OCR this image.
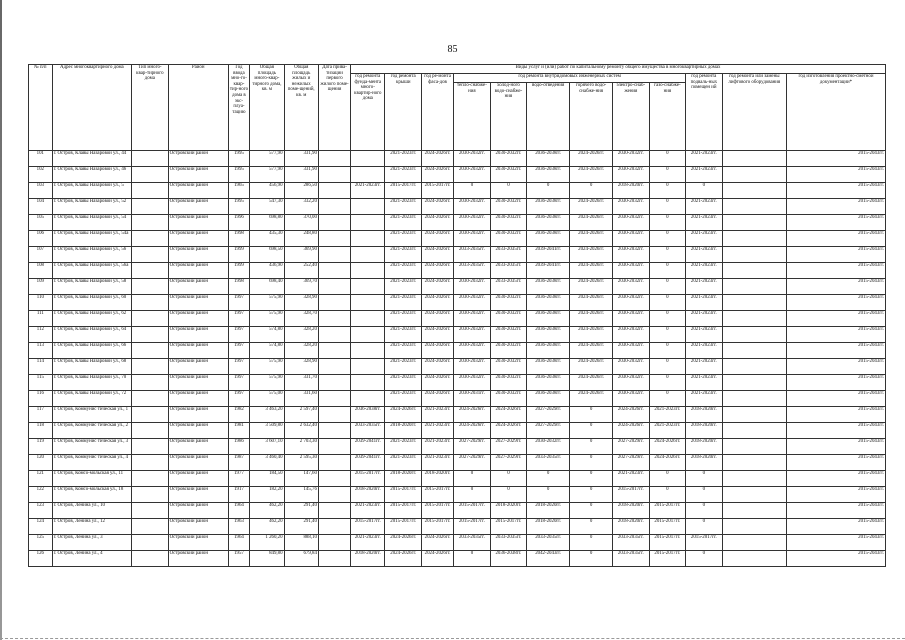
85
№ п/п	Адрес многоквартирного дома	Тип много-квар-тирного дома	Район	Год ввода мно-го-квар-тир-ного дома в экс-плуа-тацию	Общая площадь много-квар-тирного дома, кв. м	Общая площадь жилых и нежилых поме-щений, кв. м	Дата прива-тизации первого жилого поме-щения	Виды услуг и (или) работ по капитальному ремонту общего имущества в многоквартирных домах											
								год ремонта фунда-мента много-квартир-ного дома	год ремонта крыши	год ре-монта фаса-дов	год ремонта внутридомовых инженерных систем						год ремонта подваль-ных помещен ий	год ремонта или замены лифтового оборудования	год изготовления проектно-сметной документации*
											тепло-снабже-ния	холод-ного водо-снабже-ния	водо-отведения	горячего водо-снабже-ния	электро-снаб-жения	газо-снабже-ния			
101	г. Остров, Клавы Назаровой ул., 44		Островский район	1995	577,90	331,90			2021-2023гг.	2024-2026гг.	2030-2032гг.	2030-2032гг.	2036-2038гг.	2024-2026гг.	2030-2032гг.	0	2021-2023гг.		2015-2043гг.
102	г. Остров, Клавы Назаровой ул., 46		Островский район	1995	577,90	331,90			2021-2023гг.	2024-2026гг.	2030-2032гг.	2030-2032гг.	2036-2038гг.	2024-2026гг.	2030-2032гг.	0	2021-2023гг.		2015-2043гг.
103	г. Остров, Клавы Назаровой ул., 5		Островский район	1965	456,90	286,50		2021-2023гг.	2015-2017гг.	2015-2017гг.	0	0	0	0	2018-2020гг.	0	0		2015-2043гг.
104	г. Остров, Клавы Назаровой ул., 52		Островский район	1995	547,30	332,20			2021-2023гг.	2024-2026гг.	2030-2032гг.	2030-2032гг.	2036-2038гг.	2024-2026гг.	2030-2032гг.	0	2021-2023гг.		2015-2043гг.
105	г. Остров, Клавы Назаровой ул., 54		Островский район	1996	698,80	370,00			2021-2023гг.	2024-2026гг.	2030-2032гг.	2030-2032гг.	2036-2038гг.	2024-2026гг.	2030-2032гг.	0	2021-2023гг.		2015-2043гг.
106	г. Остров, Клавы Назаровой ул., 54а		Островский район	1998	435,30	248,80			2021-2023гг.	2024-2026гг.	2030-2032гг.	2030-2032гг.	2036-2038гг.	2024-2026гг.	2030-2032гг.	0	2021-2023гг.		2015-2043гг.
107	г. Остров, Клавы Назаровой ул., 56		Островский район	1999	698,50	369,90			2021-2023гг.	2024-2026гг.	2033-2035гг.	2033-2035гг.	2039-2041гг.	2024-2026гг.	2030-2032гг.	0	2021-2023гг.		2015-2043гг.
108	г. Остров, Клавы Назаровой ул., 56а		Островский район	1999	436,90	252,40			2021-2023гг.	2024-2026гг.	2033-2035гг.	2033-2035гг.	2039-2041гг.	2024-2026гг.	2030-2032гг.	0	2021-2023гг.		2015-2043гг.
109	г. Остров, Клавы Назаровой ул., 58		Островский район	1998	698,40	369,70			2021-2023гг.	2024-2026гг.	2030-2032гг.	2033-2035гг.	2036-2038гг.	2024-2026гг.	2030-2032гг.	0	2021-2023гг.		2015-2043гг.
110	г. Остров, Клавы Назаровой ул., 60		Островский район	1997	575,90	328,90			2021-2023гг.	2024-2026гг.	2030-2032гг.	2030-2032гг.	2036-2038гг.	2024-2026гг.	2030-2032гг.	0	2021-2023гг.		2015-2043гг.
111	г. Остров, Клавы Назаровой ул., 62		Островский район	1997	575,90	328,70			2021-2023гг.	2024-2026гг.	2030-2032гг.	2030-2032гг.	2036-2038гг.	2024-2026гг.	2030-2032гг.	0	2021-2023гг.		2015-2043гг.
112	г. Остров, Клавы Назаровой ул., 64		Островский район	1997	574,80	328,20			2021-2023гг.	2024-2026гг.	2030-2032гг.	2030-2032гг.	2036-2038гг.	2024-2026гг.	2030-2032гг.	0	2021-2023гг.		2015-2043гг.
113	г. Остров, Клавы Назаровой ул., 66		Островский район	1997	574,80	328,20			2021-2023гг.	2024-2026гг.	2030-2032гг.	2030-2032гг.	2036-2038гг.	2024-2026гг.	2030-2032гг.	0	2021-2023гг.		2015-2043гг.
114	г. Остров, Клавы Назаровой ул., 68		Островский район	1997	575,90	328,90			2021-2023гг.	2024-2026гг.	2030-2032гг.	2030-2032гг.	2036-2038гг.	2024-2026гг.	2030-2032гг.	0	2021-2023гг.		2015-2043гг.
115	г. Остров, Клавы Назаровой ул., 70		Островский район	1997	575,90	331,70			2021-2023гг.	2024-2026гг.	2030-2032гг.	2030-2032гг.	2036-2038гг.	2024-2026гг.	2030-2032гг.	0	2021-2023гг.		2015-2043гг.
116	г. Остров, Клавы Назаровой ул., 72		Островский район	1997	575,00	331,60			2021-2023гг.	2024-2026гг.	2030-2031гг.	2030-2032гг.	2036-2038гг.	2024-2026гг.	2030-2032гг.	0	2021-2023гг.		2015-2043гг.
117	г. Остров, Коммунис тическая ул., 1		Островский район	1982	3 463,20	2 597,40		2036-2038гг.	2024-2026гг.	2021-2023гг.	2024-2026гг.	2024-2026гг.	2027-2029гг.	0	2024-2026гг.	2021-2023гг.	2018-2020гг.		2015-2043гг.
118	г. Остров, Коммунис тическая ул., 2		Островский район	1981	3 509,80	2 632,40		2033-2035гг.	2018-2020гг.	2021-2023гг.	2024-2026гг.	2024-2026гг.	2027-2029гг.	0	2024-2026гг.	2021-2023гг.	2018-2020гг.		2015-2043гг.
119	г. Остров, Коммунис тическая ул., 3		Островский район	1986	3 607,10	2 703,30		2039-2041гг.	2021-2023гг.	2021-2023гг.	2027-2029гг.	2027-2029гг.	2030-2032гг.	0	2027-2029гг.	2024-2026гг.	2018-2020гг.		2015-2043гг.
120	г. Остров, Коммунис тическая ул., 4		Островский район	1987	3 460,40	2 595,30		2039-2041гг.	2021-2023гг.	2021-2023гг.	2027-2029гг.	2027-2029гг.	2033-2035гг.	0	2027-2029гг.	2024-2026гг.	2018-2020гг.		2015-2043гг.
121	г. Остров, Комсо-мольская ул., 11		Островский район	1977	184,50	147,60		2015-2017гг.	2018-2020гг.	2018-2020гг.	0	0	0	0	2021-2023гг.	0	0		2015-2043гг.
122	г. Остров, Комсо-мольская ул., 18		Островский район	1917	182,20	145,76		2018-2020гг.	2015-2017гг.	2015-2017гг.	0	0	0	0	2015-2017гг.	0	0		2015-2043гг.
123	г. Остров, Ленина ул., 10		Островский район	1964	462,20	291,40		2021-2023гг.	2015-2017гг.	2015-2017гг.	2015-2017гг.	2018-2020гг.	2018-2020гг.	0	2018-2020гг.	2015-2017гг.	0		2015-2043гг.
124	г. Остров, Ленина ул., 12		Островский район	1963	462,20	291,40		2015-2017гг.	2015-2017гг.	2015-2017гг.	2015-2017гг.	2015-2017гг.	2018-2020гг.	0	2018-2020гг.	2015-2017гг.	0		2015-2043гг.
125	г. Остров, Ленина ул., 3		Островский район	1964	1 260,20	888,10		2021-2023гг.	2024-2026гг.	2024-2026гг.	2033-2035гг.	2033-2035гг.	2033-2035гг.	0	2033-2035гг.	2015-2017гг.	2015-2017гг.		2015-2043гг.
126	г. Остров, Ленина ул., 4		Островский район	1957	849,80	679,84		2018-2020гг.	2024-2026гг.	2024-2026гг.	0	2036-2038гг.	2042-2043гг.	0	2033-2035гг.	2015-2017гг.	0		2015-2043гг.
